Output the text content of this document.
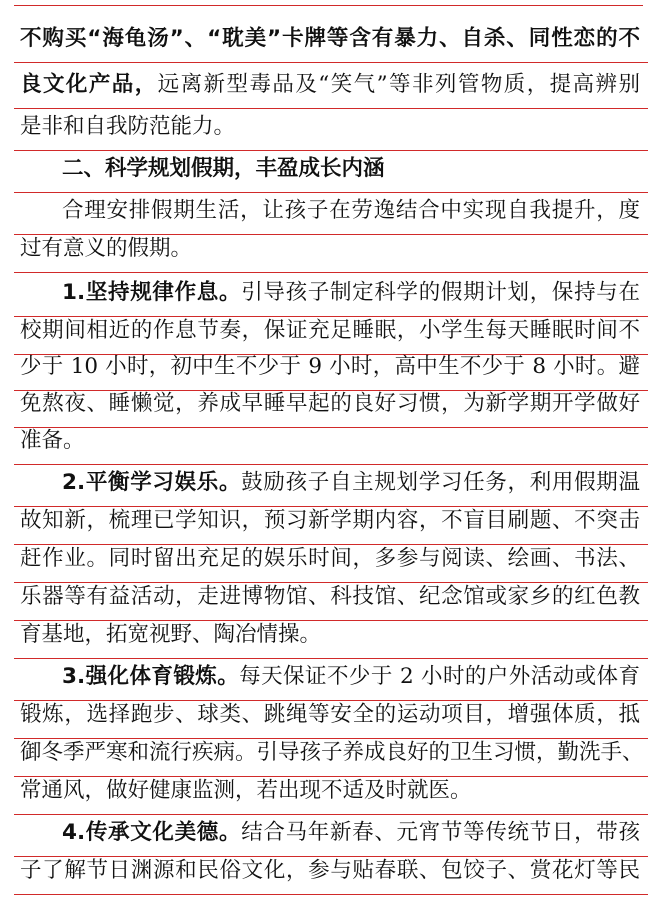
不购买“海龟汤”、“耽美”卡牌等含有暴力、自杀、同性恋的不
良文化产品，远离新型毒品及“笑气”等非列管物质，提高辨别
是非和自我防范能力。
二、科学规划假期，丰盈成长内涵
合理安排假期生活，让孩子在劳逸结合中实现自我提升，度
过有意义的假期。
1.坚持规律作息。引导孩子制定科学的假期计划，保持与在
校期间相近的作息节奏，保证充足睡眠，小学生每天睡眠时间不
少于 10 小时，初中生不少于 9 小时，高中生不少于 8 小时。避
免熬夜、睡懒觉，养成早睡早起的良好习惯，为新学期开学做好
准备。
2.平衡学习娱乐。鼓励孩子自主规划学习任务，利用假期温
故知新，梳理已学知识，预习新学期内容，不盲目刷题、不突击
赶作业。同时留出充足的娱乐时间，多参与阅读、绘画、书法、
乐器等有益活动，走进博物馆、科技馆、纪念馆或家乡的红色教
育基地，拓宽视野、陶冶情操。
3.强化体育锻炼。每天保证不少于 2 小时的户外活动或体育
锻炼，选择跑步、球类、跳绳等安全的运动项目，增强体质，抵
御冬季严寒和流行疾病。引导孩子养成良好的卫生习惯，勤洗手、
常通风，做好健康监测，若出现不适及时就医。
4.传承文化美德。结合马年新春、元宵节等传统节日，带孩
子了解节日渊源和民俗文化，参与贴春联、包饺子、赏花灯等民
